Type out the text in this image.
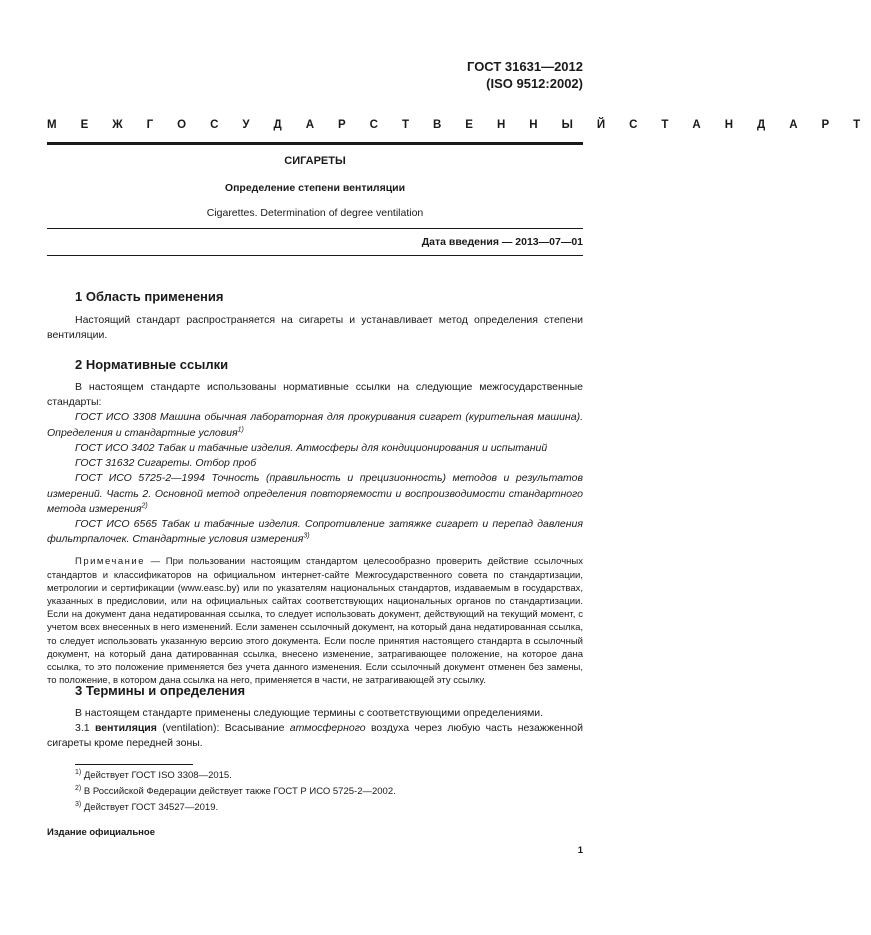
ГОСТ 31631—2012
(ISO 9512:2002)
М Е Ж Г О С У Д А Р С Т В Е Н Н Ы Й С Т А Н Д А Р Т
СИГАРЕТЫ
Определение степени вентиляции
Cigarettes. Determination of degree ventilation
Дата введения — 2013—07—01
1 Область применения

Настоящий стандарт распространяется на сигареты и устанавливает метод определения степени вентиляции.

2 Нормативные ссылки

В настоящем стандарте использованы нормативные ссылки на следующие межгосударственные стандарты:

ГОСТ ИСО 3308 Машина обычная лабораторная для прокуривания сигарет (курительная машина). Определения и стандартные условия$^{1)}$

ГОСТ ИСО 3402 Табак и табачные изделия. Атмосферы для кондиционирования и испытаний

ГОСТ 31632 Сигареты. Отбор проб

ГОСТ ИСО 5725-2—1994 Точность (правильность и прецизионность) методов и результатов измерений. Часть 2. Основной метод определения повторяемости и воспроизводимости стандартного метода измерения$^{2)}$

ГОСТ ИСО 6565 Табак и табачные изделия. Сопротивление затяжке сигарет и перепад давления фильтрпалочек. Стандартные условия измерения$^{3)}$

Примечание — При пользовании настоящим стандартом целесообразно проверить действие ссылочных стандартов и классификаторов на официальном интернет-сайте Межгосударственного совета по стандартизации, метрологии и сертификации (www.easc.by) или по указателям национальных стандартов, издаваемым в государствах, указанных в предисловии, или на официальных сайтах соответствующих национальных органов по стандартизации. Если на документ дана недатированная ссылка, то следует использовать документ, действующий на текущий момент, с учетом всех внесенных в него изменений. Если заменен ссылочный документ, на который дана недатированная ссылка, то следует использовать указанную версию этого документа. Если после принятия настоящего стандарта в ссылочный документ, на который дана датированная ссылка, внесено изменение, затрагивающее положение, на которое дана ссылка, то это положение применяется без учета данного изменения. Если ссылочный документ отменен без замены, то положение, в котором дана ссылка на него, применяется в части, не затрагивающей эту ссылку.

3 Термины и определения

В настоящем стандарте применены следующие термины с соответствующими определениями.

3.1 вентиляция (ventilation): Всасывание атмосферного воздуха через любую часть незажженной сигареты кроме передней зоны.

$^{1)}$ Действует ГОСТ ISO 3308—2015.
$^{2)}$ В Российской Федерации действует также ГОСТ Р ИСО 5725-2—2002.
$^{3)}$ Действует ГОСТ 34527—2019.
Издание официальное
1
